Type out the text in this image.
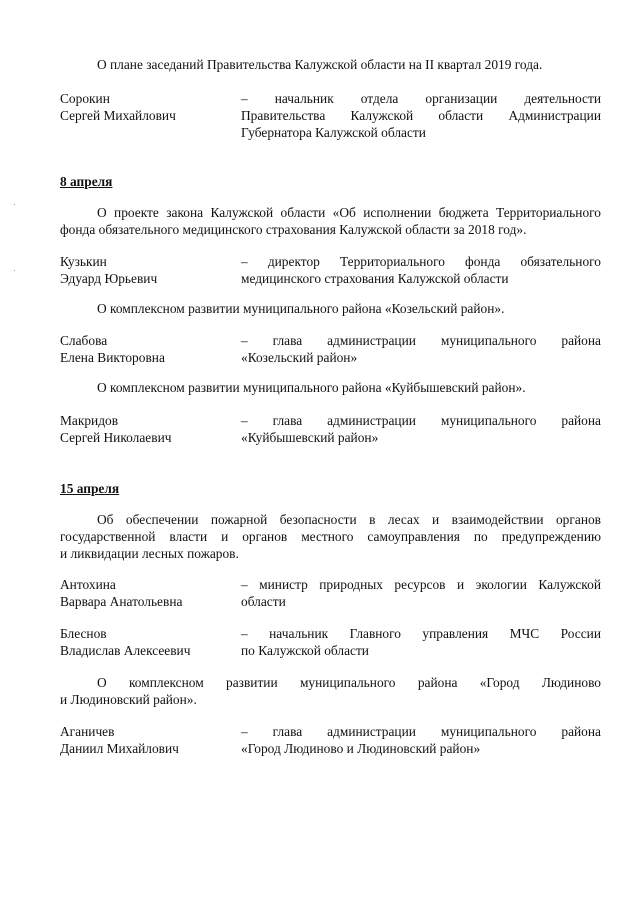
О плане заседаний Правительства Калужской области на II квартал 2019 года.
Сорокин
Сергей Михайлович
– начальник отдела организации деятельности
Правительства Калужской области Администрации
Губернатора Калужской области
8 апреля
О проекте закона Калужской области «Об исполнении бюджета Территориального
фонда обязательного медицинского страхования Калужской области за 2018 год».
Кузькин
Эдуард Юрьевич
– директор Территориального фонда обязательного
медицинского страхования Калужской области
О комплексном развитии муниципального района «Козельский район».
Слабова
Елена Викторовна
– глава администрации муниципального района
«Козельский район»
О комплексном развитии муниципального района «Куйбышевский район».
Макридов
Сергей Николаевич
– глава администрации муниципального района
«Куйбышевский район»
15 апреля
Об обеспечении пожарной безопасности в лесах и взаимодействии органов
государственной власти и органов местного самоуправления по предупреждению
и ликвидации лесных пожаров.
Антохина
Варвара Анатольевна
– министр природных ресурсов и экологии Калужской
области
Блеснов
Владислав Алексеевич
– начальник Главного управления МЧС России
по Калужской области
О комплексном развитии муниципального района «Город Людиново
и Людиновский район».
Аганичев
Даниил Михайлович
– глава администрации муниципального района
«Город Людиново и Людиновский район»
